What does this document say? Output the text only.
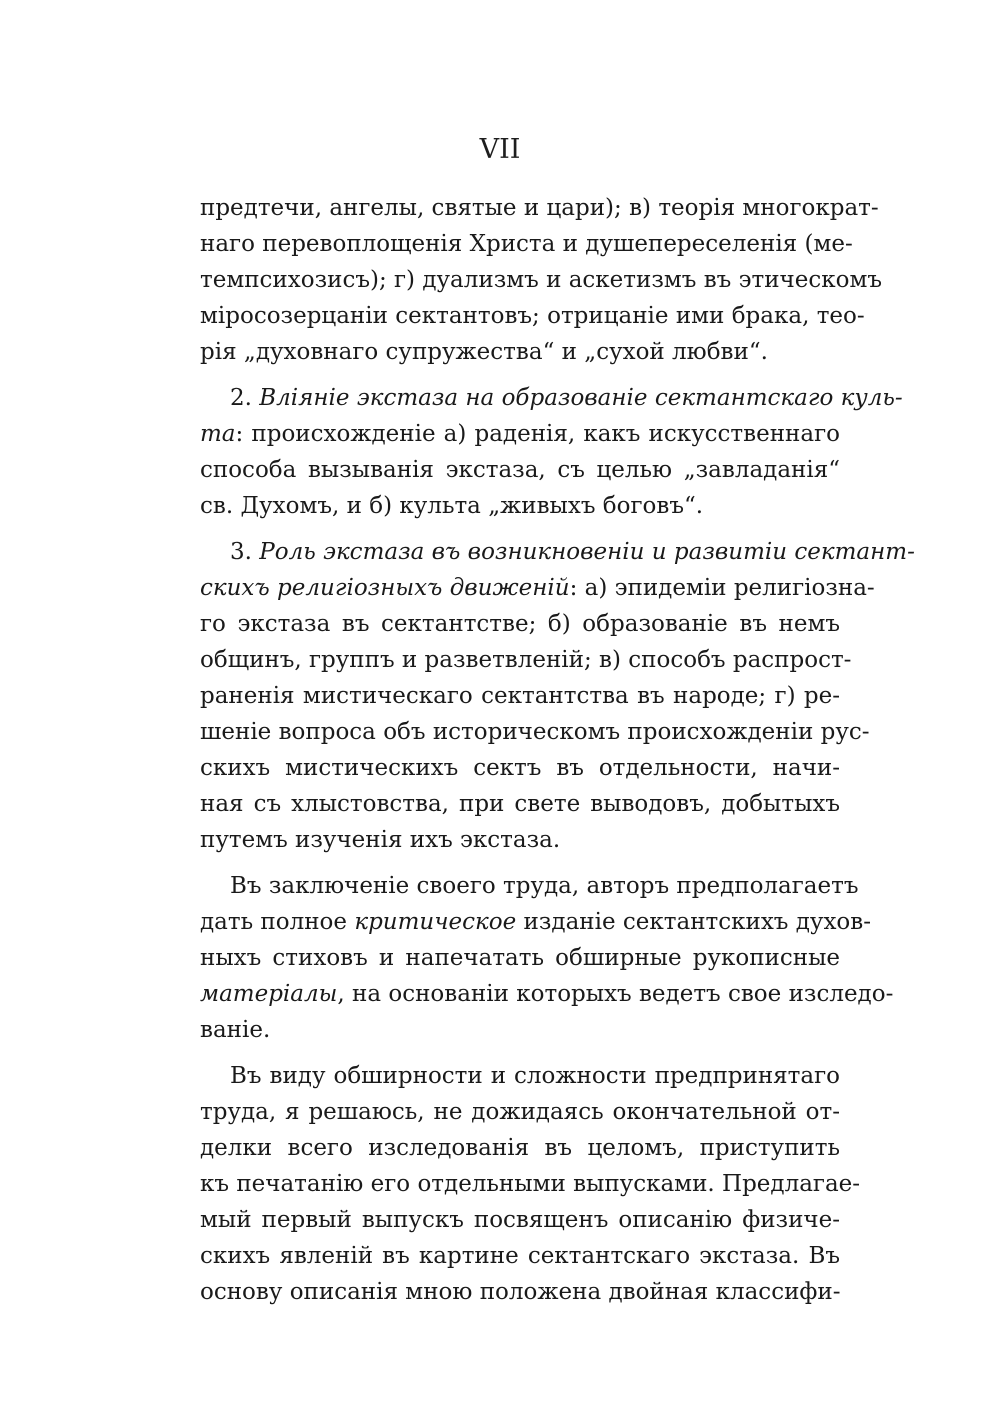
VII
предтечи, ангелы, святые и цари); в) теорія многократ-
наго перевоплощенія Христа и душепереселенія (ме-
темпсихозисъ); г) дуализмъ и аскетизмъ въ этическомъ
міросозерцаніи сектантовъ; отрицаніе ими брака, тео-
рія „духовнаго супружества“ и „сухой любви“.
2. Вліяніе экстаза на образованіе сектантскаго куль-
та: происхожденіе а) раденія, какъ искусственнаго
способа вызыванія экстаза, съ целью „завладанія“
св. Духомъ, и б) культа „живыхъ боговъ“.
3. Роль экстаза въ возникновеніи и развитіи сектант-
скихъ религіозныхъ движеній: а) эпидеміи религіозна-
го экстаза въ сектантстве; б) образованіе въ немъ
общинъ, группъ и разветвленій; в) способъ распрост-
раненія мистическаго сектантства въ народе; г) ре-
шеніе вопроса объ историческомъ происхожденіи рус-
скихъ мистическихъ сектъ въ отдельности, начи-
ная съ хлыстовства, при свете выводовъ, добытыхъ
путемъ изученія ихъ экстаза.
Въ заключеніе своего труда, авторъ предполагаетъ
дать полное критическое изданіе сектантскихъ духов-
ныхъ стиховъ и напечатать обширные рукописные
матеріалы, на основаніи которыхъ ведетъ свое изследо-
ваніе.
Въ виду обширности и сложности предпринятаго
труда, я решаюсь, не дожидаясь окончательной от-
делки всего изследованія въ целомъ, приступить
къ печатанію его отдельными выпусками. Предлагае-
мый первый выпускъ посвященъ описанію физиче-
скихъ явленій въ картине сектантскаго экстаза. Въ
основу описанія мною положена двойная классифи-
